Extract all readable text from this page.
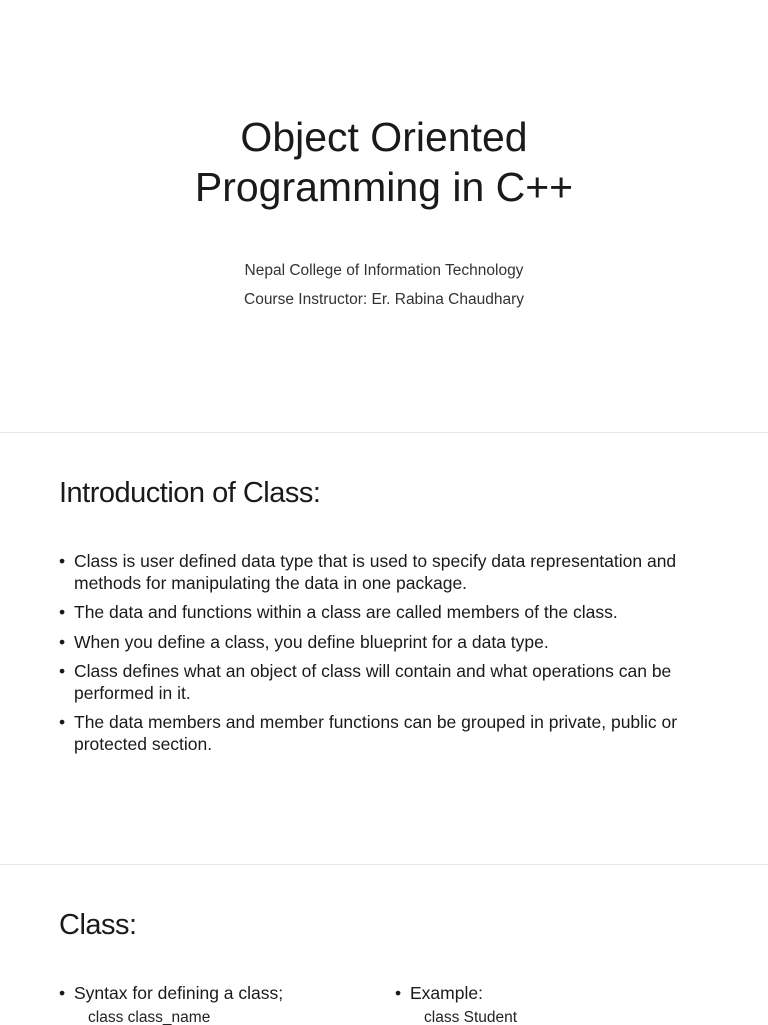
Object Oriented
Programming in C++
Nepal College of Information Technology
Course Instructor: Er. Rabina Chaudhary
Introduction of Class:
• Class is user defined data type that is used to specify data representation and methods for manipulating the data in one package.
• The data and functions within a class are called members of the class.
• When you define a class, you define blueprint for a data type.
• Class defines what an object of class will contain and what operations can be performed in it.
• The data members and member functions can be grouped in private, public or protected section.
Class:
• Syntax for defining a class;
class class_name
• Example:
class Student
